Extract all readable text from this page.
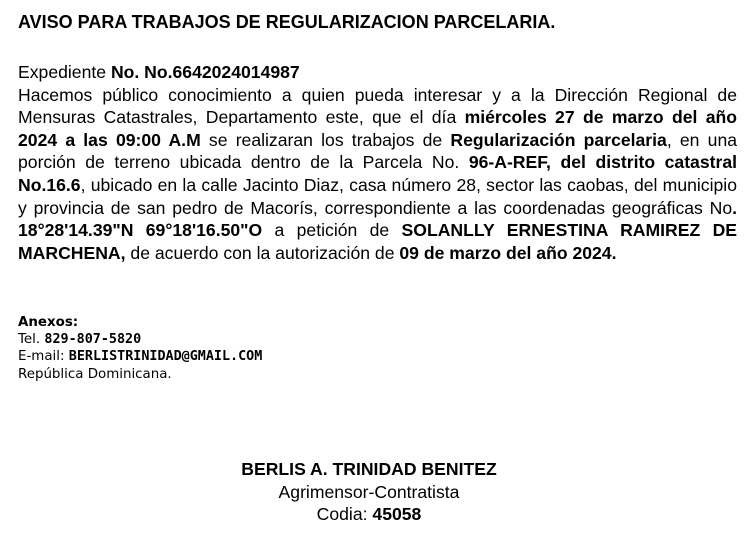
AVISO PARA TRABAJOS DE REGULARIZACION PARCELARIA.
Expediente No. No.6642024014987

Hacemos público conocimiento a quien pueda interesar y a la Dirección Regional de Mensuras Catastrales, Departamento este, que el día miércoles 27 de marzo del año 2024 a las 09:00 A.M se realizaran los trabajos de Regularización parcelaria, en una porción de terreno ubicada dentro de la Parcela No. 96-A-REF, del distrito catastral No.16.6, ubicado en la calle Jacinto Diaz, casa número 28, sector las caobas, del municipio y provincia de san pedro de Macorís, correspondiente a las coordenadas geográficas No. 18°28'14.39"N 69°18'16.50"O a petición de SOLANLLY ERNESTINA RAMIREZ DE MARCHENA, de acuerdo con la autorización de 09 de marzo del año 2024.

Anexos:
Tel. 829-807-5820
E-mail: BERLISTRINIDAD@GMAIL.COM
República Dominicana.
BERLIS A. TRINIDAD BENITEZ
Agrimensor-Contratista
Codia: 45058
